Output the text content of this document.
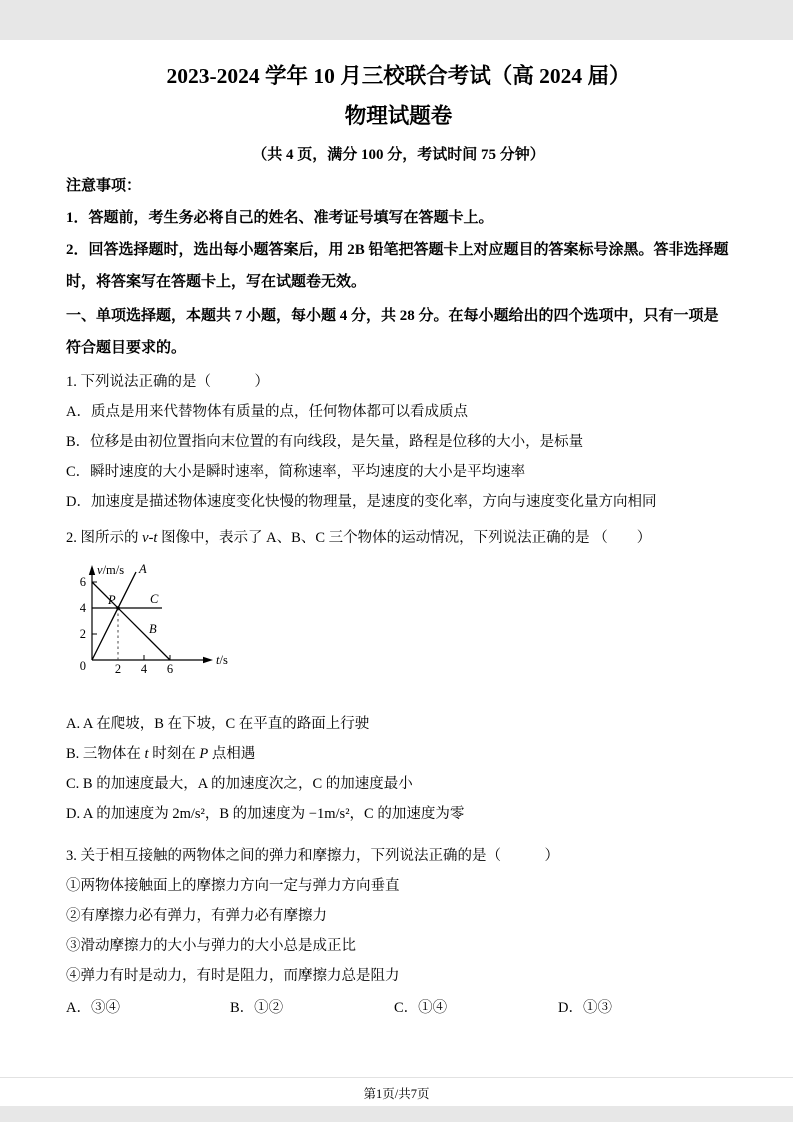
2023-2024 学年 10 月三校联合考试（高 2024 届）
物理试题卷
（共 4 页，满分 100 分，考试时间 75 分钟）

注意事项：

1．答题前，考生务必将自己的姓名、准考证号填写在答题卡上。

2．回答选择题时，选出每小题答案后，用 2B 铅笔把答题卡上对应题目的答案标号涂黑。答非选择题时，将答案写在答题卡上，写在试题卷无效。

一、单项选择题，本题共 7 小题，每小题 4 分，共 28 分。在每小题给出的四个选项中，只有一项是符合题目要求的。

1. 下列说法正确的是（　　　）

A．质点是用来代替物体有质量的点，任何物体都可以看成质点

B．位移是由初位置指向末位置的有向线段，是矢量，路程是位移的大小，是标量

C．瞬时速度的大小是瞬时速率，简称速率，平均速度的大小是平均速率

D．加速度是描述物体速度变化快慢的物理量，是速度的变化率，方向与速度变化量方向相同

2. 图所示的 v-t 图像中，表示了 A、B、C 三个物体的运动情况，下列说法正确的是 （　　）

v/m/s
t/s
6
4
2
0 2 4 6
A
B
C
P

A. A 在爬坡，B 在下坡，C 在平直的路面上行驶

B. 三物体在 t 时刻在 P 点相遇

C. B 的加速度最大，A 的加速度次之，C 的加速度最小

D. A 的加速度为 2m/s²，B 的加速度为 −1m/s²，C 的加速度为零

3. 关于相互接触的两物体之间的弹力和摩擦力，下列说法正确的是（　　　）

①两物体接触面上的摩擦力方向一定与弹力方向垂直

②有摩擦力必有弹力，有弹力必有摩擦力

③滑动摩擦力的大小与弹力的大小总是成正比

④弹力有时是动力，有时是阻力，而摩擦力总是阻力

A．③④	B．①②	C．①④	D．①③
第1页/共7页
